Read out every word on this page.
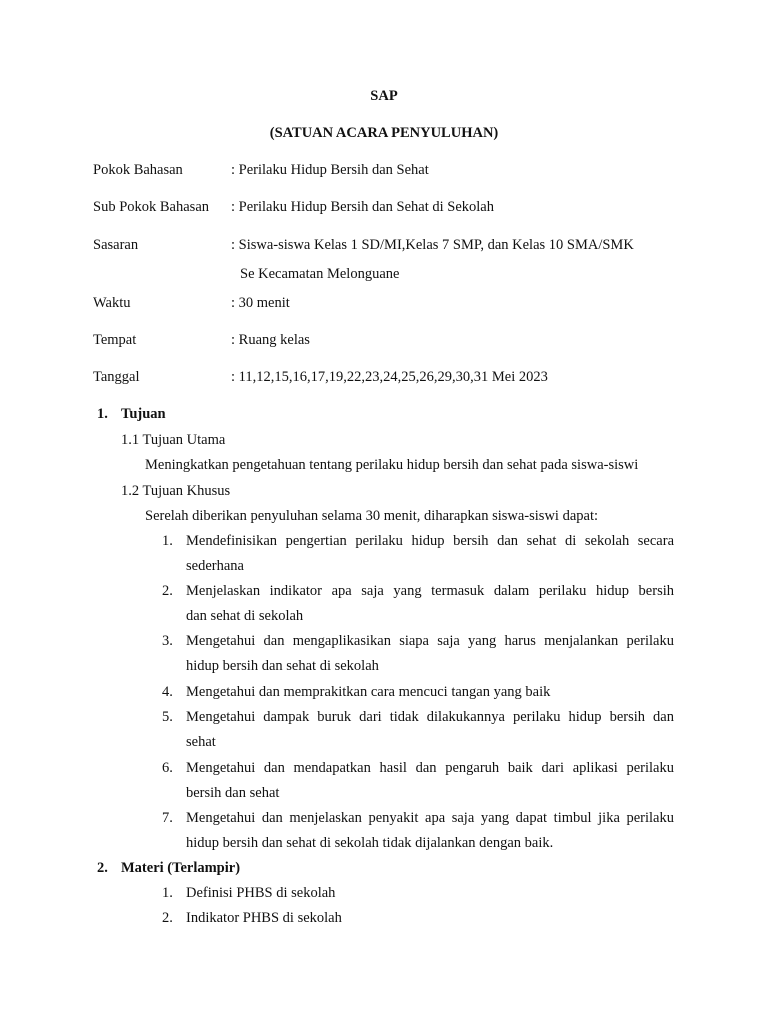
SAP
(SATUAN ACARA PENYULUHAN)
Pokok Bahasan	: Perilaku Hidup Bersih dan Sehat
Sub Pokok Bahasan : Perilaku Hidup Bersih dan Sehat di Sekolah
Sasaran	: Siswa-siswa Kelas 1 SD/MI,Kelas 7 SMP, dan Kelas 10 SMA/SMK
Se Kecamatan Melonguane
Waktu	: 30 menit
Tempat	: Ruang kelas
Tanggal	: 11,12,15,16,17,19,22,23,24,25,26,29,30,31 Mei 2023
1. Tujuan
1.1 Tujuan Utama
Meningkatkan pengetahuan tentang perilaku hidup bersih dan sehat pada siswa-siswi
1.2 Tujuan Khusus
Serelah diberikan penyuluhan selama 30 menit, diharapkan siswa-siswi dapat:
1. Mendefinisikan pengertian perilaku hidup bersih dan sehat di sekolah secara
sederhana
2. Menjelaskan indikator apa saja yang termasuk dalam perilaku hidup bersih
dan sehat di sekolah
3. Mengetahui dan mengaplikasikan siapa saja yang harus menjalankan perilaku
hidup bersih dan sehat di sekolah
4. Mengetahui dan memprakitkan cara mencuci tangan yang baik
5. Mengetahui dampak buruk dari tidak dilakukannya perilaku hidup bersih dan
sehat
6. Mengetahui dan mendapatkan hasil dan pengaruh baik dari aplikasi perilaku
bersih dan sehat
7. Mengetahui dan menjelaskan penyakit apa saja yang dapat timbul jika perilaku
hidup bersih dan sehat di sekolah tidak dijalankan dengan baik.
2. Materi (Terlampir)
1. Definisi PHBS di sekolah
2. Indikator PHBS di sekolah
